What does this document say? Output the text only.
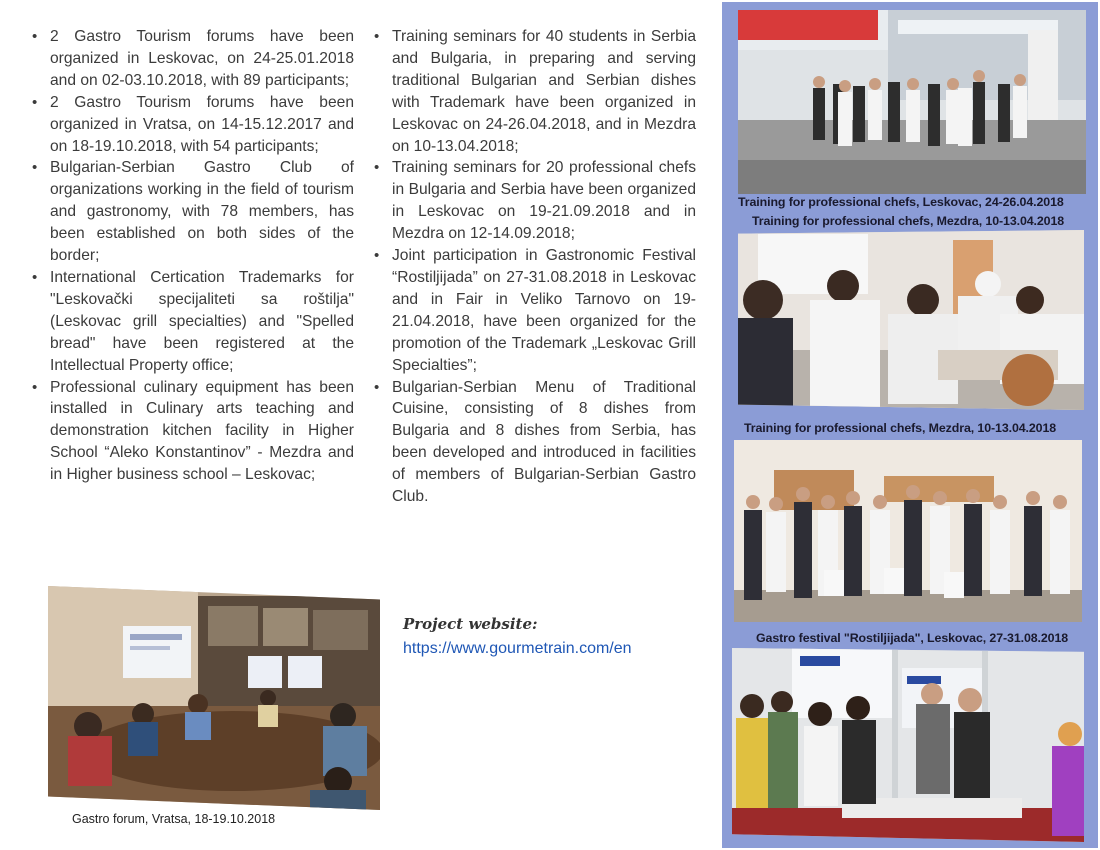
• 2 Gastro Tourism forums have been organized in Leskovac, on 24-25.01.2018 and on 02-03.10.2018, with 89 participants;
• 2 Gastro Tourism forums have been organized in Vratsa, on 14-15.12.2017 and on 18-19.10.2018, with 54 participants;
• Bulgarian-Serbian Gastro Club of organizations working in the field of tourism and gastronomy, with 78 members, has been established on both sides of the border;
• International Certication Trademarks for "Leskovački specijaliteti sa roštilja" (Leskovac grill specialties) and "Spelled bread" have been registered at the Intellectual Property office;
• Professional culinary equipment has been installed in Culinary arts teaching and demonstration kitchen facility in Higher School “Aleko Konstantinov” - Mezdra and in Higher business school – Leskovac;
• Training seminars for 40 students in Serbia and Bulgaria, in preparing and serving traditional Bulgarian and Serbian dishes with Trademark have been organized in Leskovac on 24-26.04.2018, and in Mezdra on 10-13.04.2018;
• Training seminars for 20 professional chefs in Bulgaria and Serbia have been organized in Leskovac on 19-21.09.2018 and in Mezdra on 12-14.09.2018;
• Joint participation in Gastronomic Festival “Rostiljijada” on 27-31.08.2018 in Leskovac and in Fair in Veliko Tarnovo on 19-21.04.2018, have been organized for the promotion of the Trademark „Leskovac Grill Specialties”;
• Bulgarian-Serbian Menu of Traditional Cuisine, consisting of 8 dishes from Bulgaria and 8 dishes from Serbia, has been developed and introduced in facilities of members of Bulgarian-Serbian Gastro Club.
Gastro forum, Vratsa, 18-19.10.2018
Project website:
https://www.gourmetrain.com/en
Training for professional chefs, Leskovac, 24-26.04.2018
Training for professional chefs, Mezdra, 10-13.04.2018
Training for professional chefs, Mezdra, 10-13.04.2018
Gastro festival "Rostiljijada", Leskovac, 27-31.08.2018
